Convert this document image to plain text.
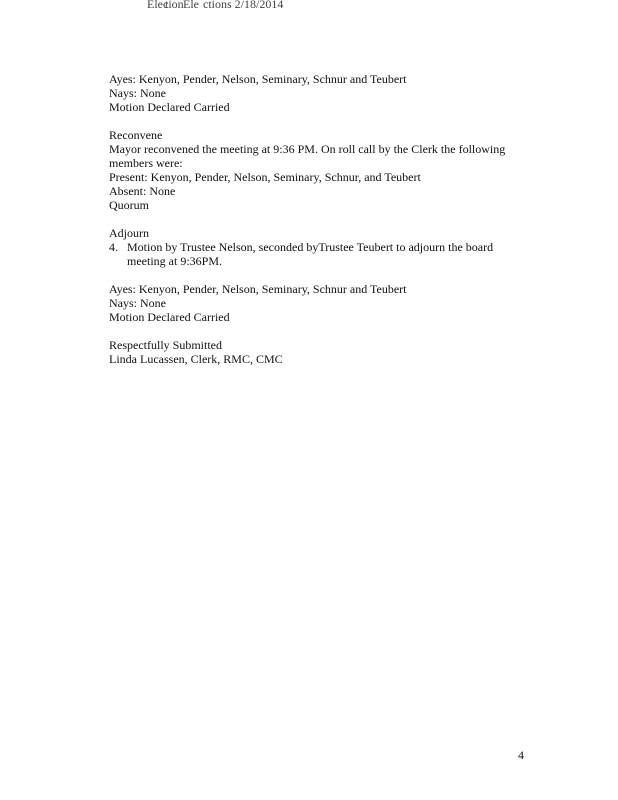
Elec
tion Ele ctions 2/18/2014
Ayes: Kenyon, Pender, Nelson, Seminary, Schnur and Teubert
Nays: None
Motion Declared Carried
Reconvene
Mayor reconvened the meeting at 9:36 PM. On roll call by the Clerk the following members were:
Present: Kenyon, Pender, Nelson, Seminary, Schnur, and Teubert
Absent: None
Quorum
Adjourn
4. Motion by Trustee Nelson, seconded byTrustee Teubert to adjourn the board meeting at 9:36PM.
Ayes: Kenyon, Pender, Nelson, Seminary, Schnur and Teubert
Nays: None
Motion Declared Carried
Respectfully Submitted
Linda Lucassen, Clerk, RMC, CMC
4
